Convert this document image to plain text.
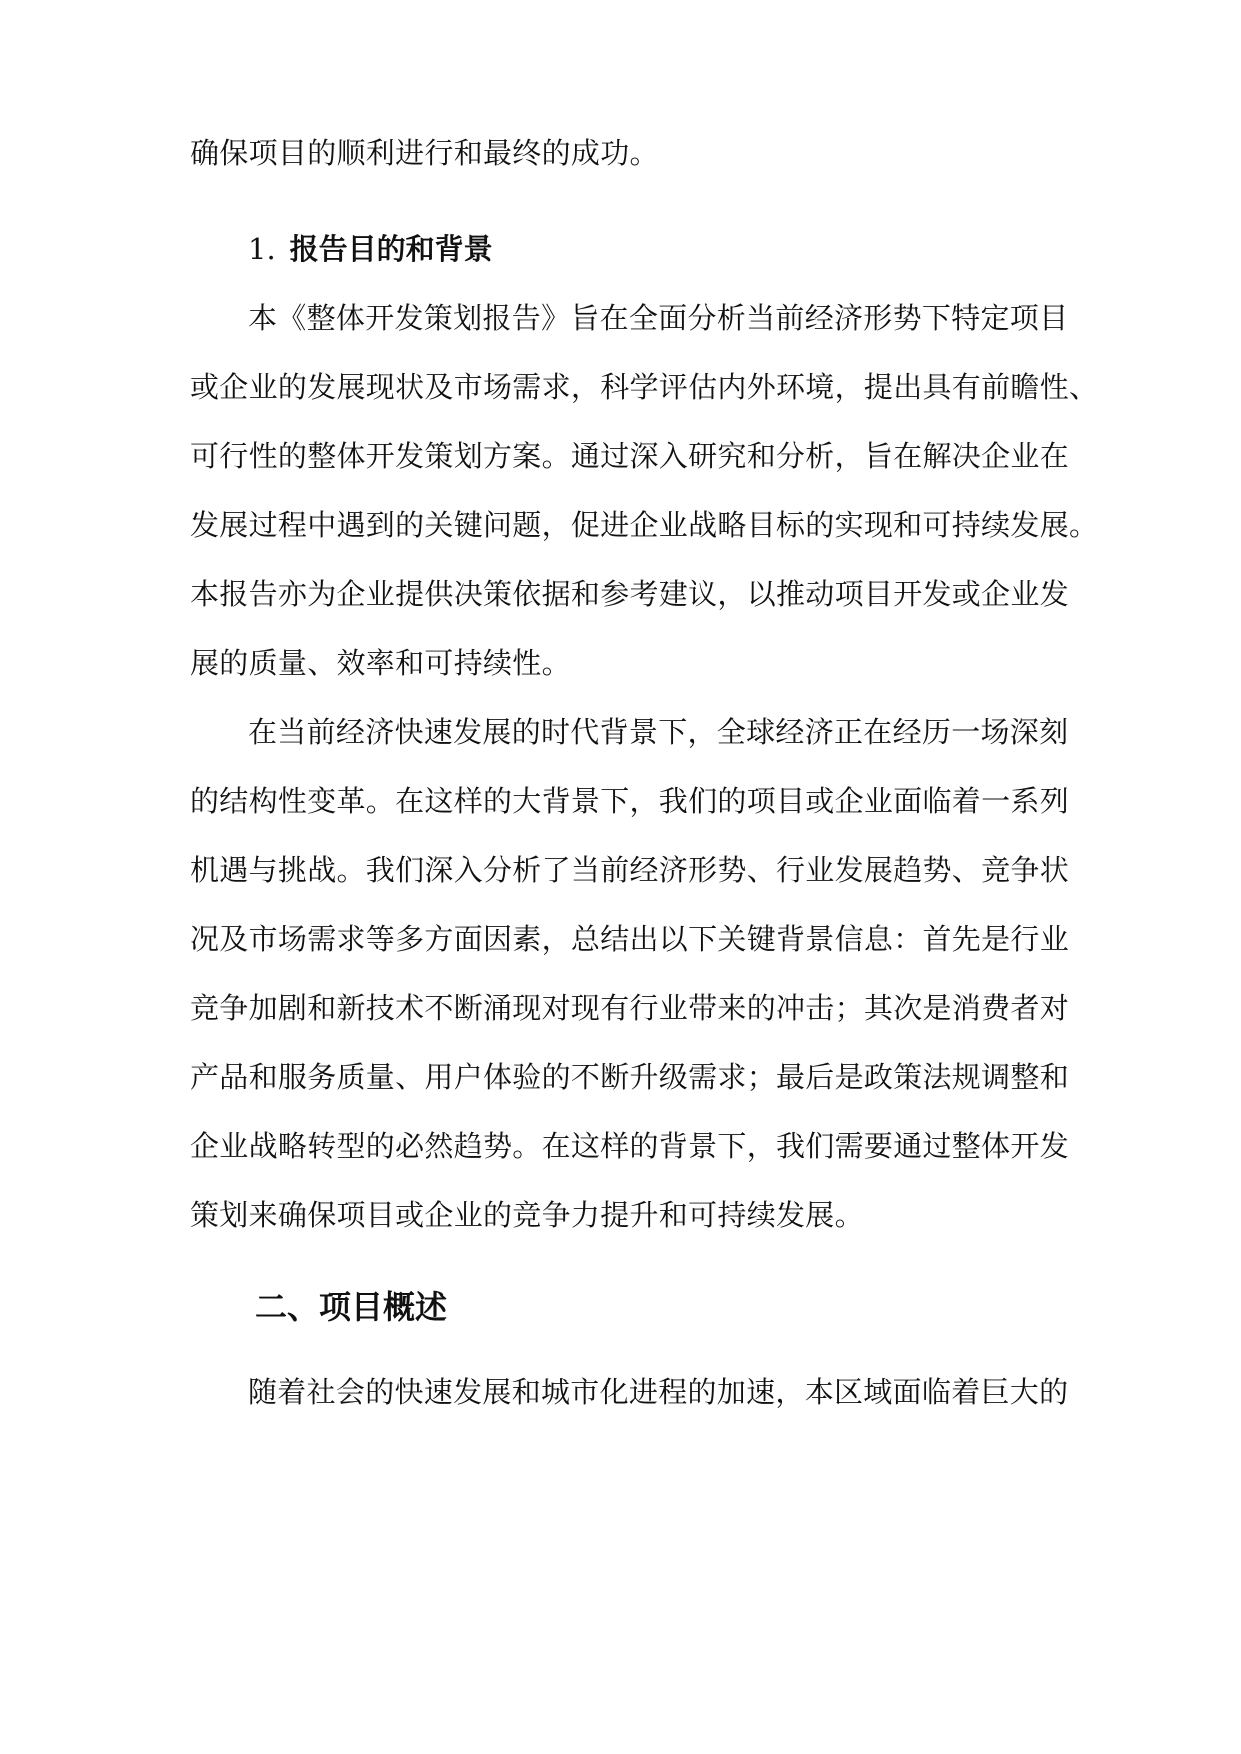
确保项目的顺利进行和最终的成功。
1. 报告目的和背景
本《整体开发策划报告》旨在全面分析当前经济形势下特定项目
或企业的发展现状及市场需求，科学评估内外环境，提出具有前瞻性、
可行性的整体开发策划方案。通过深入研究和分析，旨在解决企业在
发展过程中遇到的关键问题，促进企业战略目标的实现和可持续发展。
本报告亦为企业提供决策依据和参考建议，以推动项目开发或企业发
展的质量、效率和可持续性。
在当前经济快速发展的时代背景下，全球经济正在经历一场深刻
的结构性变革。在这样的大背景下，我们的项目或企业面临着一系列
机遇与挑战。我们深入分析了当前经济形势、行业发展趋势、竞争状
况及市场需求等多方面因素，总结出以下关键背景信息：首先是行业
竞争加剧和新技术不断涌现对现有行业带来的冲击；其次是消费者对
产品和服务质量、用户体验的不断升级需求；最后是政策法规调整和
企业战略转型的必然趋势。在这样的背景下，我们需要通过整体开发
策划来确保项目或企业的竞争力提升和可持续发展。
二、项目概述
随着社会的快速发展和城市化进程的加速，本区域面临着巨大的
